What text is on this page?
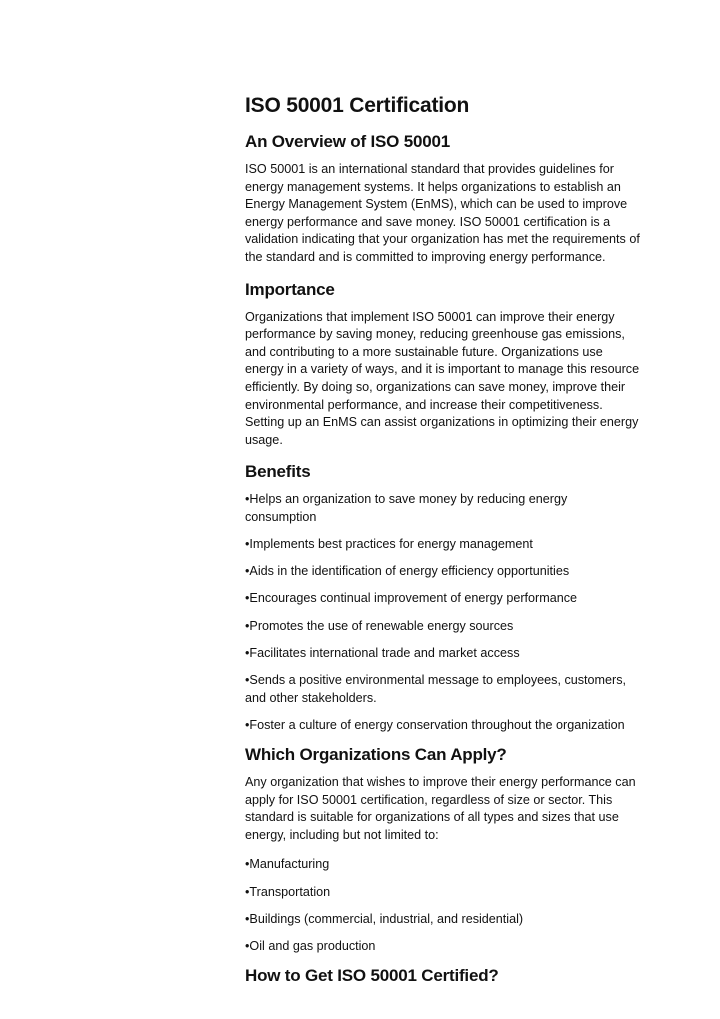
ISO 50001 Certification
An Overview of ISO 50001

ISO 50001 is an international standard that provides guidelines for energy management systems. It helps organizations to establish an Energy Management System (EnMS), which can be used to improve energy performance and save money. ISO 50001 certification is a validation indicating that your organization has met the requirements of the standard and is committed to improving energy performance.

Importance

Organizations that implement ISO 50001 can improve their energy performance by saving money, reducing greenhouse gas emissions, and contributing to a more sustainable future. Organizations use energy in a variety of ways, and it is important to manage this resource efficiently. By doing so, organizations can save money, improve their environmental performance, and increase their competitiveness. Setting up an EnMS can assist organizations in optimizing their energy usage.

Benefits
•Helps an organization to save money by reducing energy consumption
•Implements best practices for energy management
•Aids in the identification of energy efficiency opportunities
•Encourages continual improvement of energy performance
•Promotes the use of renewable energy sources
•Facilitates international trade and market access
•Sends a positive environmental message to employees, customers, and other stakeholders.
•Foster a culture of energy conservation throughout the organization
Which Organizations Can Apply?

Any organization that wishes to improve their energy performance can apply for ISO 50001 certification, regardless of size or sector. This standard is suitable for organizations of all types and sizes that use energy, including but not limited to:

•Manufacturing
•Transportation
•Buildings (commercial, industrial, and residential)
•Oil and gas production
How to Get ISO 50001 Certified?
